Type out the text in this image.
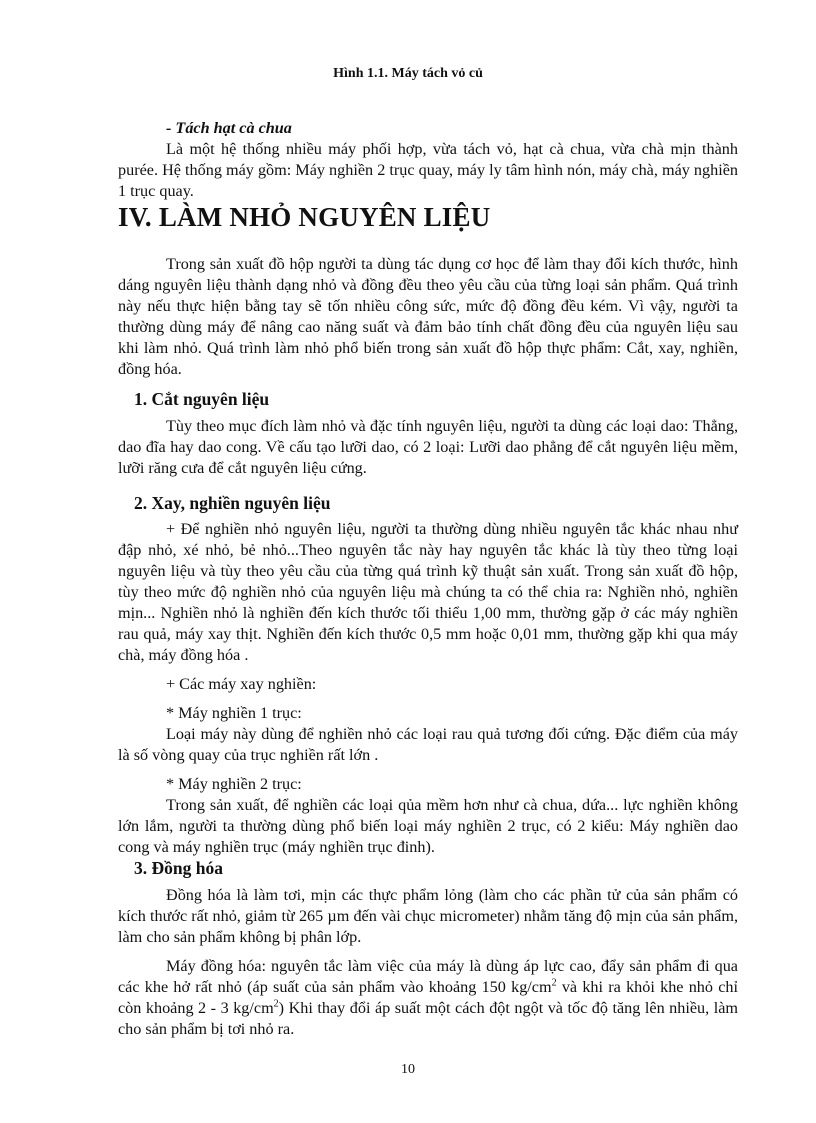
Hình 1.1. Máy tách vỏ củ

- Tách hạt cà chua

Là một hệ thống nhiều máy phối hợp, vừa tách vỏ, hạt cà chua, vừa chà mịn thành purée. Hệ thống máy gồm: Máy nghiền 2 trục quay, máy ly tâm hình nón, máy chà, máy nghiền 1 trục quay.

IV. LÀM NHỎ NGUYÊN LIỆU
Trong sản xuất đồ hộp người ta dùng tác dụng cơ học để làm thay đổi kích thước, hình dáng nguyên liệu thành dạng nhỏ và đồng đều theo yêu cầu của từng loại sản phẩm. Quá trình này nếu thực hiện bằng tay sẽ tốn nhiều công sức, mức độ đồng đều kém. Vì vậy, người ta thường dùng máy để nâng cao năng suất và đảm bảo tính chất đồng đều của nguyên liệu sau khi làm nhỏ. Quá trình làm nhỏ phổ biến trong sản xuất đồ hộp thực phẩm: Cắt, xay, nghiền, đồng hóa.
1. Cắt nguyên liệu
Tùy theo mục đích làm nhỏ và đặc tính nguyên liệu, người ta dùng các loại dao: Thẳng, dao đĩa hay dao cong. Về cấu tạo lưỡi dao, có 2 loại: Lưỡi dao phẳng để cắt nguyên liệu mềm, lưỡi răng cưa để cắt nguyên liệu cứng.
2. Xay, nghiền nguyên liệu

+ Để nghiền nhỏ nguyên liệu, người ta thường dùng nhiều nguyên tắc khác nhau như đập nhỏ, xé nhỏ, bẻ nhỏ...Theo nguyên tắc này hay nguyên tắc khác là tùy theo từng loại nguyên liệu và tùy theo yêu cầu của từng quá trình kỹ thuật sản xuất. Trong sản xuất đồ hộp, tùy theo mức độ nghiền nhỏ của nguyên liệu mà chúng ta có thể chia ra: Nghiền nhỏ, nghiền mịn... Nghiền nhỏ là nghiền đến kích thước tối thiểu 1,00 mm, thường gặp ở các máy nghiền rau quả, máy xay thịt. Nghiền đến kích thước 0,5 mm hoặc 0,01 mm, thường gặp khi qua máy chà, máy đồng hóa .

+ Các máy xay nghiền:

* Máy nghiền 1 trục:

Loại máy này dùng để nghiền nhỏ các loại rau quả tương đối cứng. Đặc điểm của máy là số vòng quay của trục nghiền rất lớn .

* Máy nghiền 2 trục:

Trong sản xuất, để nghiền các loại qủa mềm hơn như cà chua, dứa... lực nghiền không lớn lắm, người ta thường dùng phổ biến loại máy nghiền 2 trục, có 2 kiểu: Máy nghiền dao cong và máy nghiền trục (máy nghiền trục đinh).

3. Đồng hóa

Đồng hóa là làm tơi, mịn các thực phẩm lỏng (làm cho các phần tử của sản phẩm có kích thước rất nhỏ, giảm từ 265 µm đến vài chục micrometer) nhằm tăng độ mịn của sản phẩm, làm cho sản phẩm không bị phân lớp.

Máy đồng hóa: nguyên tắc làm việc của máy là dùng áp lực cao, đẩy sản phẩm đi qua các khe hở rất nhỏ (áp suất của sản phẩm vào khoảng 150 $kg/cm^2$ và khi ra khỏi khe nhỏ chỉ còn khoảng 2 - 3 $kg/cm^2$) Khi thay đổi áp suất một cách đột ngột và tốc độ tăng lên nhiều, làm cho sản phẩm bị tơi nhỏ ra.

10
